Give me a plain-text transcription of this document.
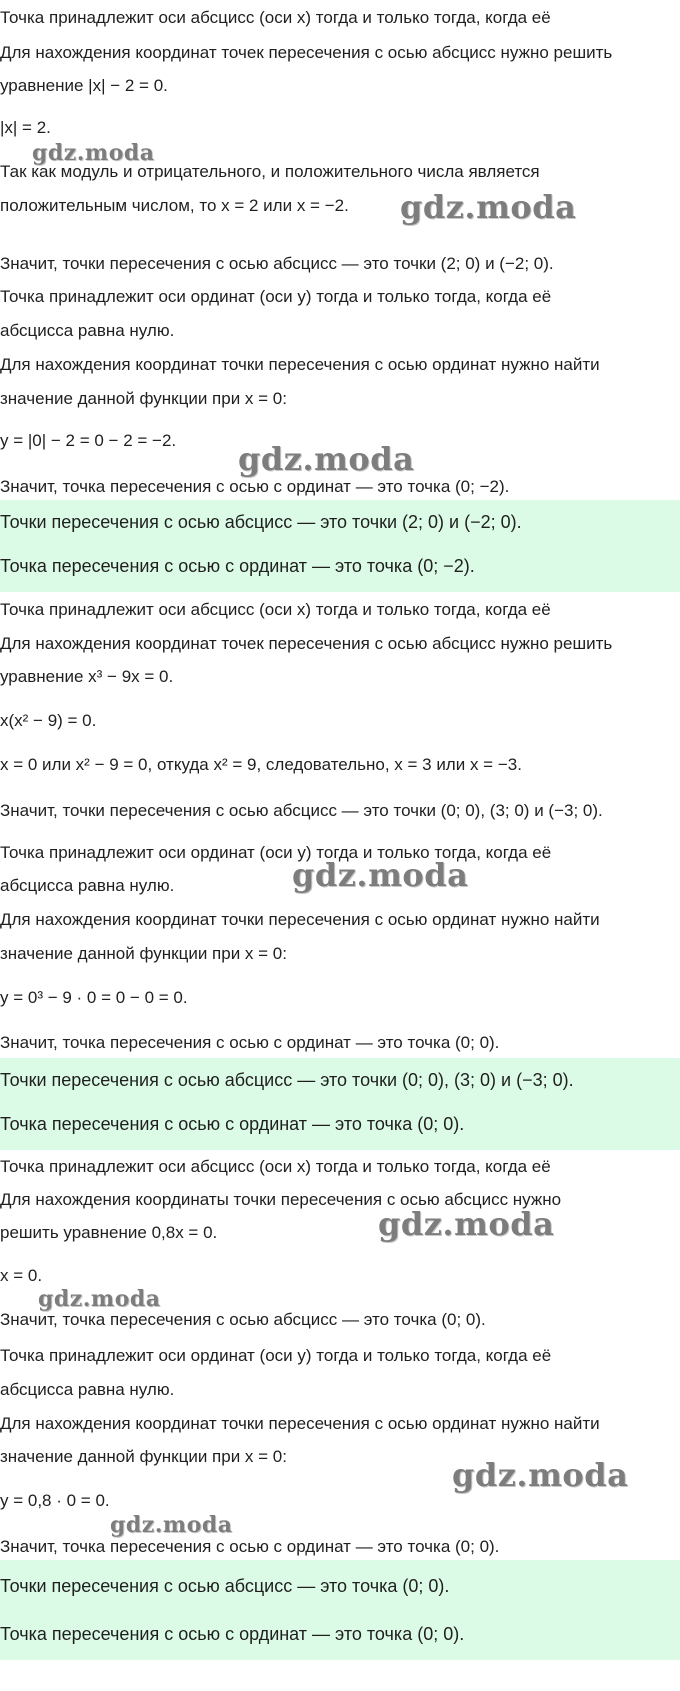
Точка принадлежит оси абсцисс (оси x) тогда и только тогда, когда её
Для нахождения координат точек пересечения с осью абсцисс нужно решить
уравнение |x| − 2 = 0.
|x| = 2.
Так как модуль и отрицательного, и положительного числа является
положительным числом, то x = 2 или x = −2.
Значит, точки пересечения с осью абсцисс — это точки (2; 0) и (−2; 0).
Точка принадлежит оси ординат (оси y) тогда и только тогда, когда её
абсцисса равна нулю.
Для нахождения координат точки пересечения с осью ординат нужно найти
значение данной функции при x = 0:
y = |0| − 2 = 0 − 2 = −2.
Значит, точка пересечения с осью с ординат — это точка (0; −2).
Точки пересечения с осью абсцисс — это точки (2; 0) и (−2; 0).
Точка пересечения с осью с ординат — это точка (0; −2).
Точка принадлежит оси абсцисс (оси x) тогда и только тогда, когда её
Для нахождения координат точек пересечения с осью абсцисс нужно решить
уравнение x³ − 9x = 0.
x(x² − 9) = 0.
x = 0 или x² − 9 = 0, откуда x² = 9, следовательно, x = 3 или x = −3.
Значит, точки пересечения с осью абсцисс — это точки (0; 0), (3; 0) и (−3; 0).
Точка принадлежит оси ординат (оси y) тогда и только тогда, когда её
абсцисса равна нулю.
Для нахождения координат точки пересечения с осью ординат нужно найти
значение данной функции при x = 0:
y = 0³ − 9 · 0 = 0 − 0 = 0.
Значит, точка пересечения с осью с ординат — это точка (0; 0).
Точки пересечения с осью абсцисс — это точки (0; 0), (3; 0) и (−3; 0).
Точка пересечения с осью с ординат — это точка (0; 0).
Точка принадлежит оси абсцисс (оси x) тогда и только тогда, когда её
Для нахождения координаты точки пересечения с осью абсцисс нужно
решить уравнение 0,8x = 0.
x = 0.
Значит, точка пересечения с осью абсцисс — это точка (0; 0).
Точка принадлежит оси ординат (оси y) тогда и только тогда, когда её
абсцисса равна нулю.
Для нахождения координат точки пересечения с осью ординат нужно найти
значение данной функции при x = 0:
y = 0,8 · 0 = 0.
Значит, точка пересечения с осью с ординат — это точка (0; 0).
Точки пересечения с осью абсцисс — это точка (0; 0).
Точка пересечения с осью с ординат — это точка (0; 0).
gdz.moda
gdz.moda
gdz.moda
gdz.moda
gdz.moda
gdz.moda
gdz.moda
gdz.moda
